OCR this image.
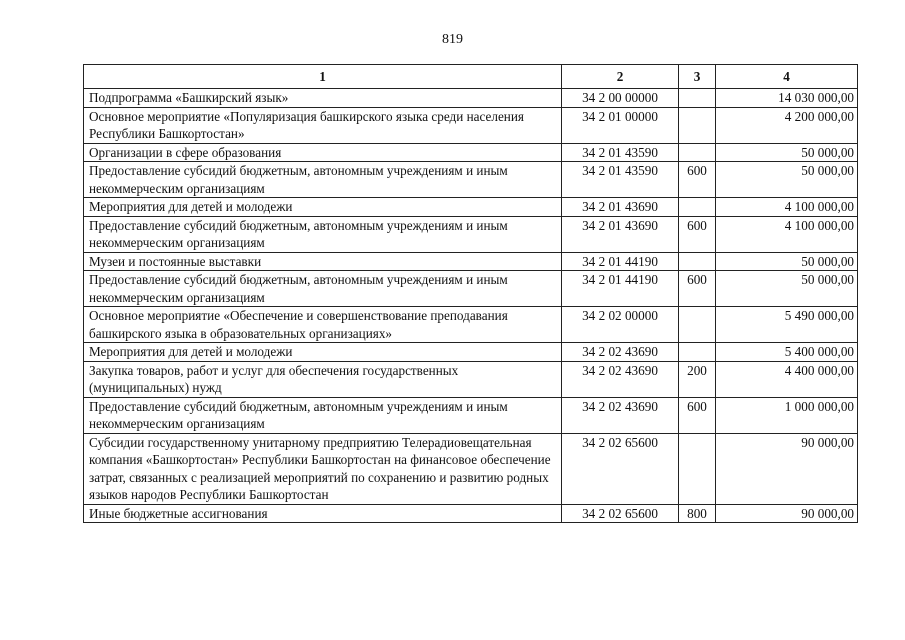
819
1	2	3	4
Подпрограмма «Башкирский язык»	34 2 00 00000		14 030 000,00
Основное мероприятие «Популяризация башкирского языка среди населения Республики Башкортостан»	34 2 01 00000		4 200 000,00
Организации в сфере образования	34 2 01 43590		50 000,00
Предоставление субсидий бюджетным, автономным учреждениям и иным некоммерческим организациям	34 2 01 43590	600	50 000,00
Мероприятия для детей и молодежи	34 2 01 43690		4 100 000,00
Предоставление субсидий бюджетным, автономным учреждениям и иным некоммерческим организациям	34 2 01 43690	600	4 100 000,00
Музеи и постоянные выставки	34 2 01 44190		50 000,00
Предоставление субсидий бюджетным, автономным учреждениям и иным некоммерческим организациям	34 2 01 44190	600	50 000,00
Основное мероприятие «Обеспечение и совершенствование преподавания башкирского языка в образовательных организациях»	34 2 02 00000		5 490 000,00
Мероприятия для детей и молодежи	34 2 02 43690		5 400 000,00
Закупка товаров, работ и услуг для обеспечения государственных (муниципальных) нужд	34 2 02 43690	200	4 400 000,00
Предоставление субсидий бюджетным, автономным учреждениям и иным некоммерческим организациям	34 2 02 43690	600	1 000 000,00
Субсидии государственному унитарному предприятию Телерадиовещательная компания «Башкортостан» Республики Башкортостан на финансовое обеспечение затрат, связанных с реализацией мероприятий по сохранению и развитию родных языков народов Республики Башкортостан	34 2 02 65600		90 000,00
Иные бюджетные ассигнования	34 2 02 65600	800	90 000,00
